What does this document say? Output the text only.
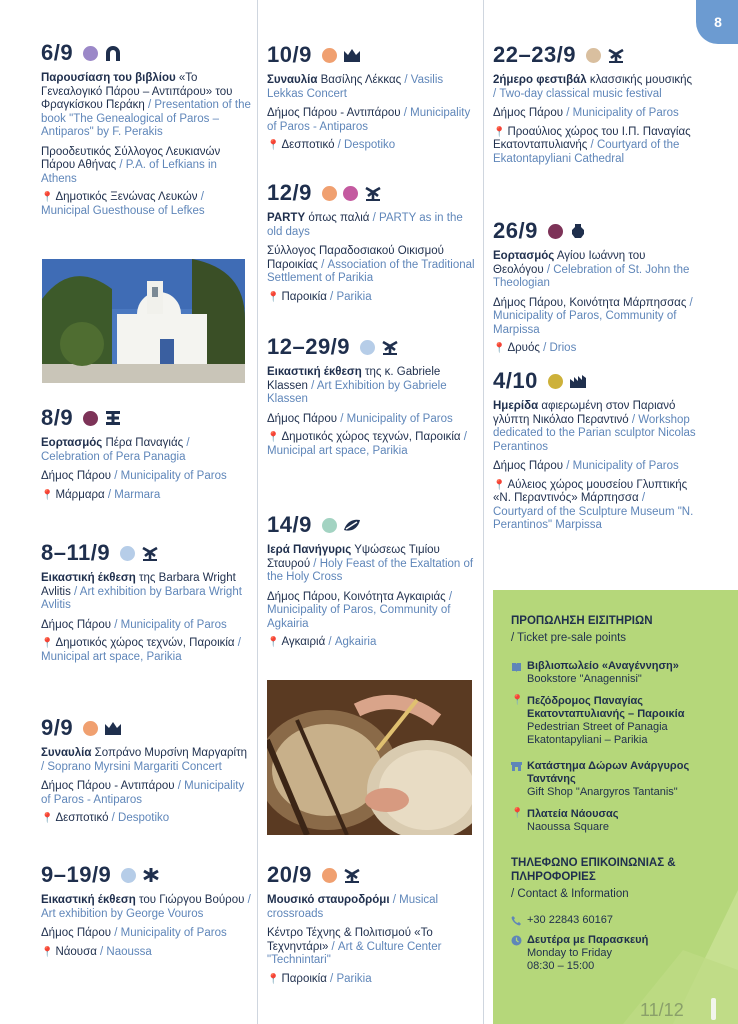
8
6/9
Παρουσίαση του βιβλίου «Το Γενεαλογικό Πάρου – Αντιπάρου» του Φραγκίσκου Περάκη / Presentation of the book "The Genealogical of Paros – Antiparos" by F. Perakis
Προοδευτικός Σύλλογος Λευκιανών Πάρου Αθήνας / P.A. of Lefkians in Athens
📍 Δημοτικός Ξενώνας Λευκών / Municipal Guesthouse of Lefkes
8/9
Εορτασμός Πέρα Παναγιάς / Celebration of Pera Panagia
Δήμος Πάρου / Municipality of Paros
📍 Μάρμαρα / Marmara
8–11/9
Εικαστική έκθεση της Barbara Wright Avlitis / Art exhibition by Barbara Wright Avlitis
Δήμος Πάρου / Municipality of Paros
📍 Δημοτικός χώρος τεχνών, Παροικία / Municipal art space, Parikia
9/9
Συναυλία Σοπράνο Μυρσίνη Μαργαρίτη / Soprano Myrsini Margariti Concert
Δήμος Πάρου - Αντιπάρου / Municipality of Paros - Antiparos
📍 Δεσποτικό / Despotiko
9–19/9
Εικαστική έκθεση του Γιώργου Βούρου / Art exhibition by George Vouros
Δήμος Πάρου / Municipality of Paros
📍 Νάουσα / Naoussa
10/9
Συναυλία Βασίλης Λέκκας / Vasilis Lekkas Concert
Δήμος Πάρου - Αντιπάρου / Municipality of Paros - Antiparos
📍 Δεσποτικό / Despotiko
12/9
PARTY όπως παλιά / PARTY as in the old days
Σύλλογος Παραδοσιακού Οικισμού Παροικίας / Association of the Traditional Settlement of Parikia
📍 Παροικία / Parikia
12–29/9
Εικαστική έκθεση της κ. Gabriele Klassen / Art Exhibition by Gabriele Klassen
Δήμος Πάρου / Municipality of Paros
📍 Δημοτικός χώρος τεχνών, Παροικία / Municipal art space, Parikia
14/9
Ιερά Πανήγυρις Υψώσεως Τιμίου Σταυρού / Holy Feast of the Exaltation of the Holy Cross
Δήμος Πάρου, Κοινότητα Αγκαιριάς / Municipality of Paros, Community of Agkairia
📍 Αγκαιριά / Agkairia
20/9
Μουσικό σταυροδρόμι / Musical crossroads
Κέντρο Τέχνης & Πολιτισμού «Το Τεχνηντάρι» / Art & Culture Center "Technintari"
📍 Παροικία / Parikia
22–23/9
2ήμερο φεστιβάλ κλασσικής μουσικής / Two-day classical music festival
Δήμος Πάρου / Municipality of Paros
📍 Προαύλιος χώρος του Ι.Π. Παναγίας Εκατονταπυλιανής / Courtyard of the Ekatontapyliani Cathedral
26/9
Εορτασμός Αγίου Ιωάννη του Θεολόγου / Celebration of St. John the Theologian
Δήμος Πάρου, Κοινότητα Μάρπησσας / Municipality of Paros, Community of Marpissa
📍 Δρυός / Drios
4/10
Ημερίδα αφιερωμένη στον Παριανό γλύπτη Νικόλαο Περαντινό / Workshop dedicated to the Parian sculptor Nicolas Perantinos
Δήμος Πάρου / Municipality of Paros
📍 Αύλειος χώρος μουσείου Γλυπτικής «Ν. Περαντινός» Μάρπησσα / Courtyard of the Sculpture Museum "N. Perantinos" Marpissa
ΠΡΟΠΩΛΗΣΗ ΕΙΣΙΤΗΡΙΩΝ
/ Ticket pre-sale points
Βιβλιοπωλείο «Αναγέννηση»
Bookstore "Anagennisi"
📍 Πεζόδρομος Παναγίας Εκατονταπυλιανής – Παροικία
Pedestrian Street of Panagia Ekatontapyliani – Parikia
Κατάστημα Δώρων Ανάργυρος Ταντάνης
Gift Shop "Anargyros Tantanis"
📍 Πλατεία Νάουσας
Naoussa Square
ΤΗΛΕΦΩΝΟ ΕΠΙΚΟΙΝΩΝΙΑΣ & ΠΛΗΡΟΦΟΡΙΕΣ
/ Contact & Information
+30 22843 60167
Δευτέρα με Παρασκευή
Monday to Friday
08:30 – 15:00
11/12
